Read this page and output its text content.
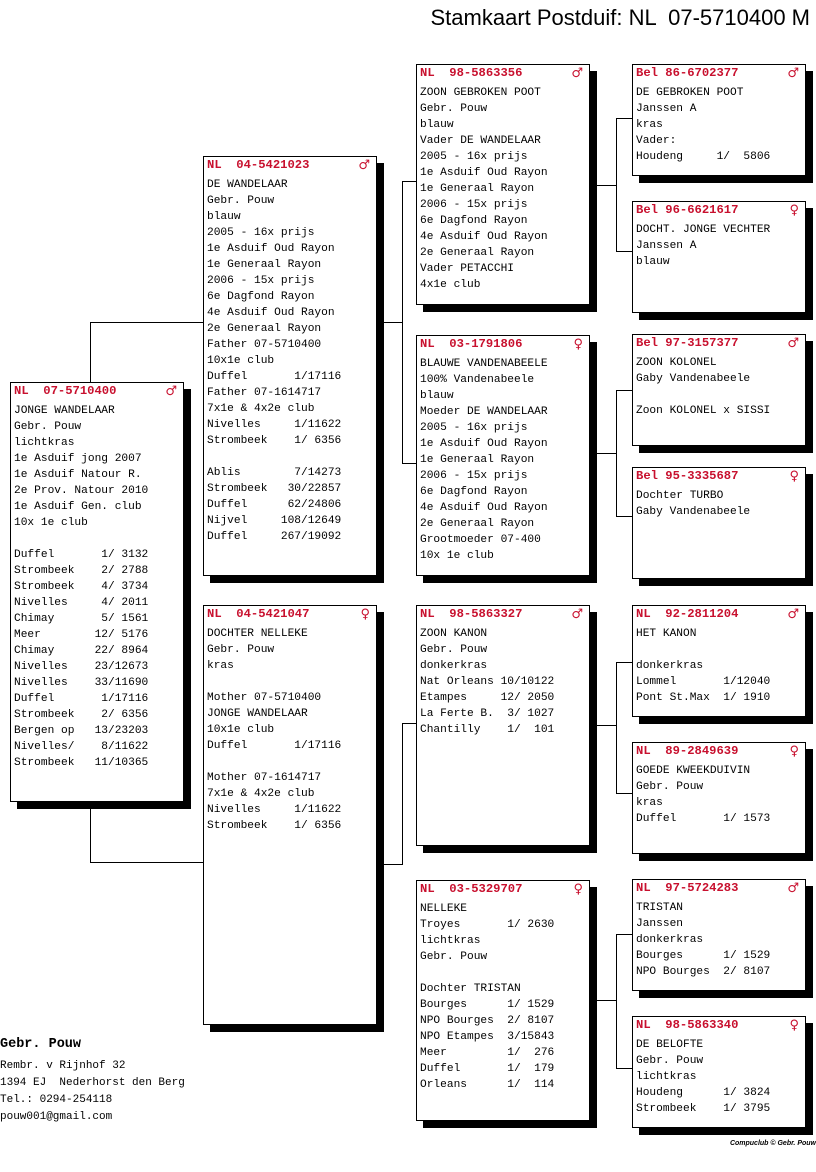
Stamkaart Postduif: NL  07-5710400 M
NL  07-5710400	♂
JONGE WANDELAAR
Gebr. Pouw
lichtkras
1e Asduif jong 2007
1e Asduif Natour R.
2e Prov. Natour 2010
1e Asduif Gen. club
10x 1e club
Duffel       1/ 3132
Strombeek    2/ 2788
Strombeek    4/ 3734
Nivelles     4/ 2011
Chimay       5/ 1561
Meer        12/ 5176
Chimay      22/ 8964
Nivelles    23/12673
Nivelles    33/11690
Duffel       1/17116
Strombeek    2/ 6356
Bergen op   13/23203
Nivelles/    8/11622
Strombeek   11/10365
NL  04-5421023	♂
DE WANDELAAR
Gebr. Pouw
blauw
2005 - 16x prijs
1e Asduif Oud Rayon
1e Generaal Rayon
2006 - 15x prijs
6e Dagfond Rayon
4e Asduif Oud Rayon
2e Generaal Rayon
Father 07-5710400
10x1e club
Duffel       1/17116
Father 07-1614717
7x1e & 4x2e club
Nivelles     1/11622
Strombeek    1/ 6356
Ablis        7/14273
Strombeek   30/22857
Duffel      62/24806
Nijvel     108/12649
Duffel     267/19092
NL  04-5421047	♀
DOCHTER NELLEKE
Gebr. Pouw
kras
Mother 07-5710400
JONGE WANDELAAR
10x1e club
Duffel       1/17116
Mother 07-1614717
7x1e & 4x2e club
Nivelles     1/11622
Strombeek    1/ 6356
NL  98-5863356	♂
ZOON GEBROKEN POOT
Gebr. Pouw
blauw
Vader DE WANDELAAR
2005 - 16x prijs
1e Asduif Oud Rayon
1e Generaal Rayon
2006 - 15x prijs
6e Dagfond Rayon
4e Asduif Oud Rayon
2e Generaal Rayon
Vader PETACCHI
4x1e club
NL  03-1791806	♀
BLAUWE VANDENABEELE
100% Vandenabeele
blauw
Moeder DE WANDELAAR
2005 - 16x prijs
1e Asduif Oud Rayon
1e Generaal Rayon
2006 - 15x prijs
6e Dagfond Rayon
4e Asduif Oud Rayon
2e Generaal Rayon
Grootmoeder 07-400
10x 1e club
NL  98-5863327	♂
ZOON KANON
Gebr. Pouw
donkerkras
Nat Orleans 10/10122
Etampes     12/ 2050
La Ferte B.  3/ 1027
Chantilly    1/  101
NL  03-5329707	♀
NELLEKE
Troyes       1/ 2630
lichtkras
Gebr. Pouw
Dochter TRISTAN
Bourges      1/ 1529
NPO Bourges  2/ 8107
NPO Etampes  3/15843
Meer         1/  276
Duffel       1/  179
Orleans      1/  114
Bel 86-6702377	♂
DE GEBROKEN POOT
Janssen A
kras
Vader:
Houdeng     1/  5806
Bel 96-6621617	♀
DOCHT. JONGE VECHTER
Janssen A
blauw
Bel 97-3157377	♂
ZOON KOLONEL
Gaby Vandenabeele
Zoon KOLONEL x SISSI
Bel 95-3335687	♀
Dochter TURBO
Gaby Vandenabeele
NL  92-2811204	♂
HET KANON
donkerkras
Lommel       1/12040
Pont St.Max  1/ 1910
NL  89-2849639	♀
GOEDE KWEEKDUIVIN
Gebr. Pouw
kras
Duffel       1/ 1573
NL  97-5724283	♂
TRISTAN
Janssen
donkerkras
Bourges      1/ 1529
NPO Bourges  2/ 8107
NL  98-5863340	♀
DE BELOFTE
Gebr. Pouw
lichtkras
Houdeng      1/ 3824
Strombeek    1/ 3795
Gebr. Pouw
Rembr. v Rijnhof 32
1394 EJ  Nederhorst den Berg
Tel.: 0294-254118
pouw001@gmail.com
Compuclub © Gebr. Pouw
